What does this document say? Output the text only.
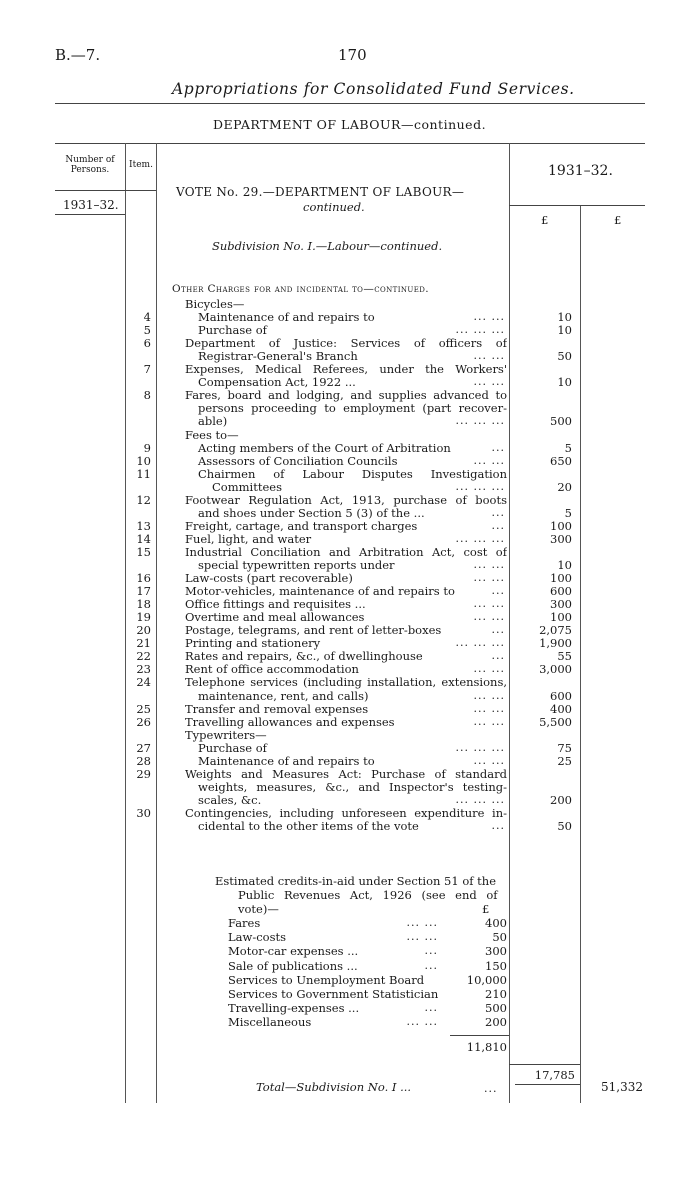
B.—7.	170
Appropriations for Consolidated Fund Services.
DEPARTMENT OF LABOUR—continued.
Number of Persons.	Item.
1931–32.
1931–32.
£	£
VOTE No. 29.—DEPARTMENT OF LABOUR—
continued.
Subdivision No. I.—Labour—continued.
Other Charges for and incidental to—continued.
Bicycles—
4	Maintenance of and repairs to	... ...	10
5	Purchase of	... ... ...	10
6	Department of Justice: Services of officers of
Registrar-General's Branch	... ...	50
7	Expenses, Medical Referees, under the Workers'
Compensation Act, 1922 ...	... ...	10
8	Fares, board and lodging, and supplies advanced to
persons proceeding to employment (part recover-
able)	... ... ...	500
Fees to—
9	Acting members of the Court of Arbitration	...	5
10	Assessors of Conciliation Councils	... ...	650
11	Chairmen of Labour Disputes Investigation
Committees	... ... ...	20
12	Footwear Regulation Act, 1913, purchase of boots
and shoes under Section 5 (3) of the ...	...	5
13	Freight, cartage, and transport charges	...	100
14	Fuel, light, and water	... ... ...	300
15	Industrial Conciliation and Arbitration Act, cost of
special typewritten reports under	... ...	10
16	Law-costs (part recoverable)	... ...	100
17	Motor-vehicles, maintenance of and repairs to	...	600
18	Office fittings and requisites ...	... ...	300
19	Overtime and meal allowances	... ...	100
20	Postage, telegrams, and rent of letter-boxes	...	2,075
21	Printing and stationery	... ... ...	1,900
22	Rates and repairs, &c., of dwellinghouse	...	55
23	Rent of office accommodation	... ...	3,000
24	Telephone services (including installation, extensions,
maintenance, rent, and calls)	... ...	600
25	Transfer and removal expenses	... ...	400
26	Travelling allowances and expenses	... ...	5,500
Typewriters—
27	Purchase of	... ... ...	75
28	Maintenance of and repairs to	... ...	25
29	Weights and Measures Act: Purchase of standard
weights, measures, &c., and Inspector's testing-
scales, &c.	... ... ...	200
30	Contingencies, including unforeseen expenditure in-
cidental to the other items of the vote	...	50
Estimated credits-in-aid under Section 51 of the
Public Revenues Act, 1926 (see end of
vote)—	£
Fares	... ...	400
Law-costs	... ...	50
Motor-car expenses ...	...	300
Sale of publications ...	...	150
Services to Unemployment Board	10,000
Services to Government Statistician	210
Travelling-expenses ...	...	500
Miscellaneous	... ...	200
11,810
17,785
Total—Subdivision No. I ...	...	51,332
